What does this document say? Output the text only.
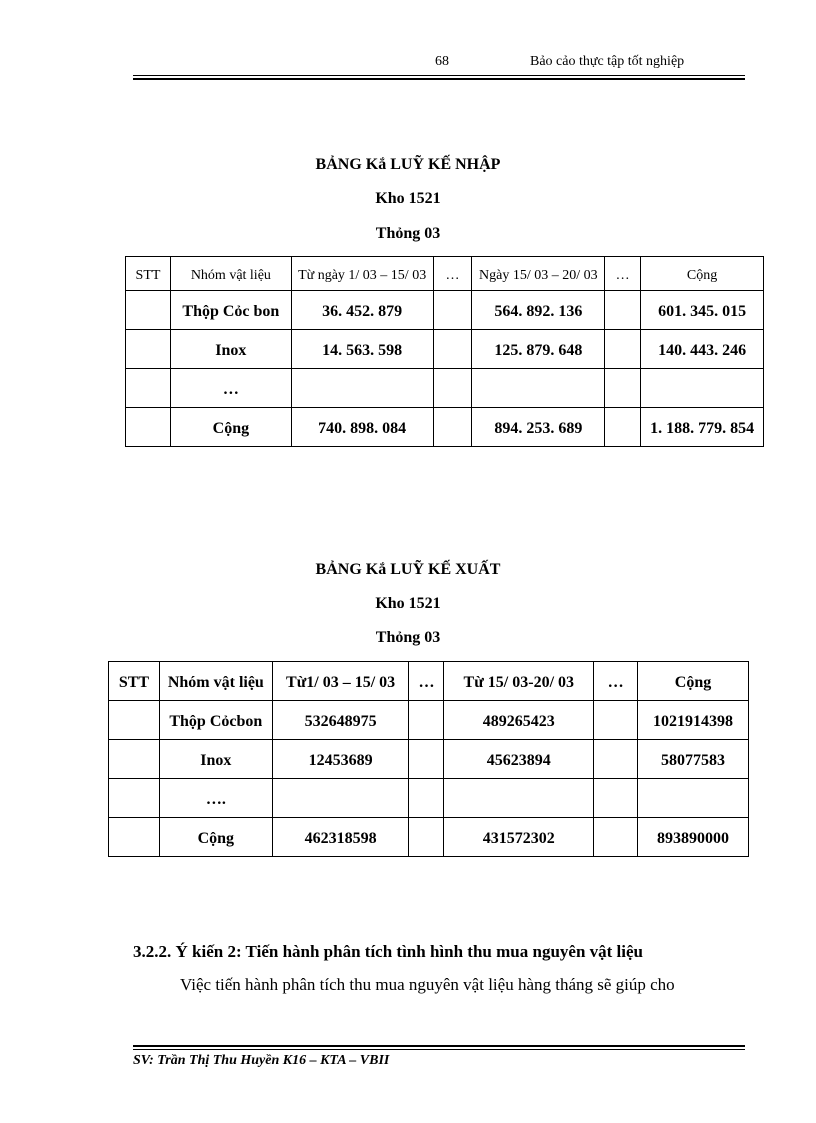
68	Bảo cảo thực tập tốt nghiệp
BẢNG Kắ LUỸ KẾ NHẬP
Kho 1521
Thỏng 03
STT	Nhóm vật liệu	Từ ngày 1/ 03 – 15/ 03	…	Ngày 15/ 03 – 20/ 03	…	Cộng
	Thộp Cỏc bon	36. 452. 879		564. 892. 136		601. 345. 015
	Inox	14. 563. 598		125. 879. 648		140. 443. 246
	…					
	Cộng	740. 898. 084		894. 253. 689		1. 188. 779. 854
BẢNG Kắ LUỸ KẾ XUẤT
Kho 1521
Thỏng 03
STT	Nhóm vật liệu	Từ1/ 03 – 15/ 03	…	Từ 15/ 03-20/ 03	…	Cộng
	Thộp Cỏcbon	532648975		489265423		1021914398
	Inox	12453689		45623894		58077583
	….					
	Cộng	462318598		431572302		893890000
3.2.2. Ý kiến 2: Tiến hành phân tích tình hình thu mua nguyên vật liệu
Việc tiến hành phân tích thu mua nguyên vật liệu hàng tháng sẽ giúp cho
SV: Trần Thị Thu Huyền K16 – KTA – VBII
